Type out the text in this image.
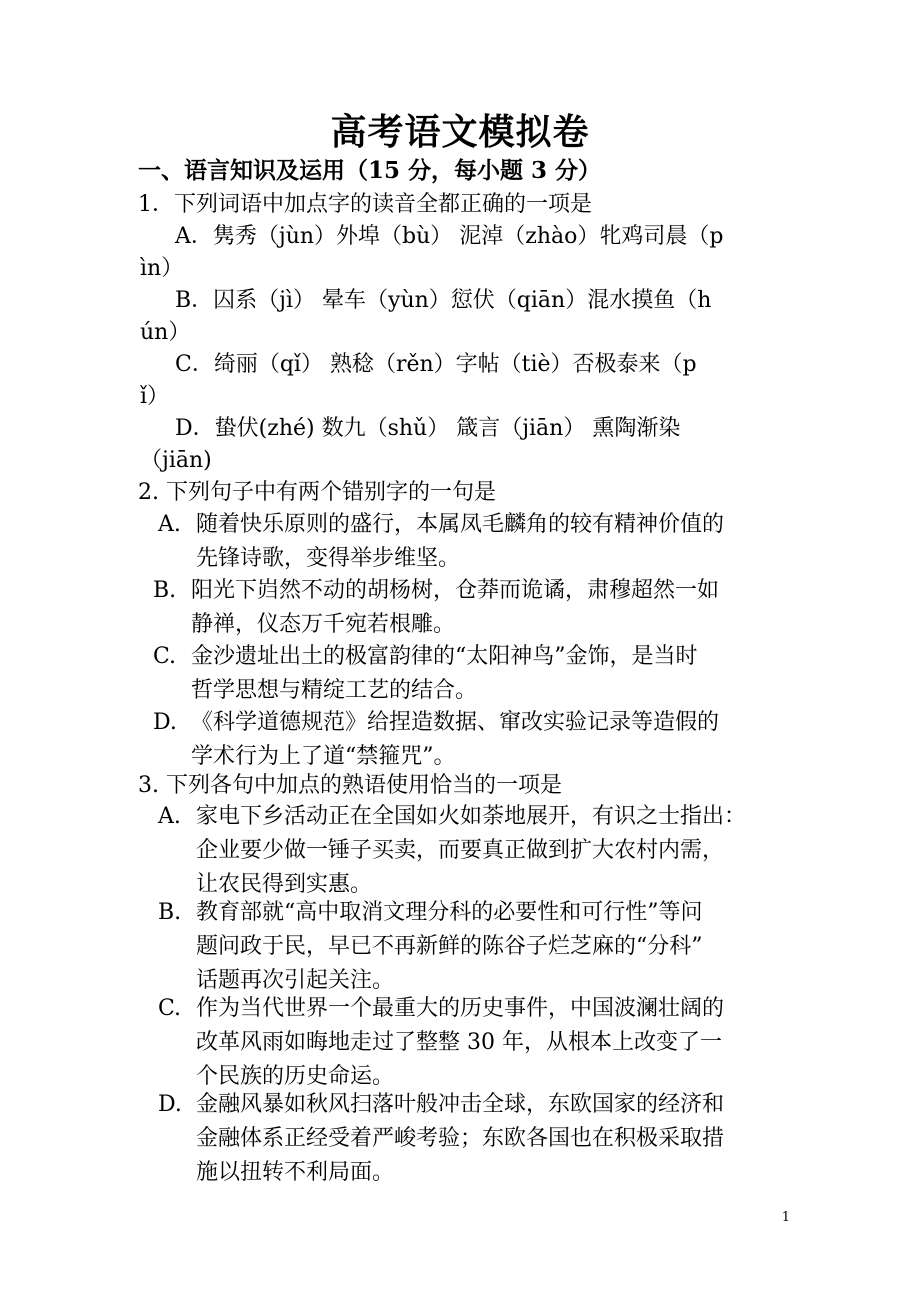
高考语文模拟卷
一、语言知识及运用（15 分，每小题 3 分）
1．下列词语中加点字的读音全都正确的一项是
A．隽秀（jùn）外埠（bù） 泥淖（zhào）牝鸡司晨（p
ìn）
B．囚系（jì） 晕车（yùn）愆伏（qiān）混水摸鱼（h
ún）
C．绮丽（qǐ） 熟稔（rěn）字帖（tiè）否极泰来（p
ǐ）
D．蛰伏(zhé) 数九（shǔ） 箴言（jiān） 熏陶渐染
（jiān)
2. 下列句子中有两个错别字的一句是
A. 随着快乐原则的盛行，本属凤毛麟角的较有精神价值的
先锋诗歌，变得举步维坚。
B. 阳光下岿然不动的胡杨树，仓莽而诡谲，肃穆超然一如
静禅，仪态万千宛若根雕。
C. 金沙遗址出土的极富韵律的“太阳神鸟”金饰，是当时
哲学思想与精绽工艺的结合。
D. 《科学道德规范》给捏造数据、窜改实验记录等造假的
学术行为上了道“禁箍咒”。
3. 下列各句中加点的熟语使用恰当的一项是
A. 家电下乡活动正在全国如火如荼地展开，有识之士指出：
企业要少做一锤子买卖，而要真正做到扩大农村内需，
让农民得到实惠。
B. 教育部就“高中取消文理分科的必要性和可行性”等问
题问政于民，早已不再新鲜的陈谷子烂芝麻的“分科”
话题再次引起关注。
C. 作为当代世界一个最重大的历史事件，中国波澜壮阔的
改革风雨如晦地走过了整整 30 年，从根本上改变了一
个民族的历史命运。
D. 金融风暴如秋风扫落叶般冲击全球，东欧国家的经济和
金融体系正经受着严峻考验；东欧各国也在积极采取措
施以扭转不利局面。
1
